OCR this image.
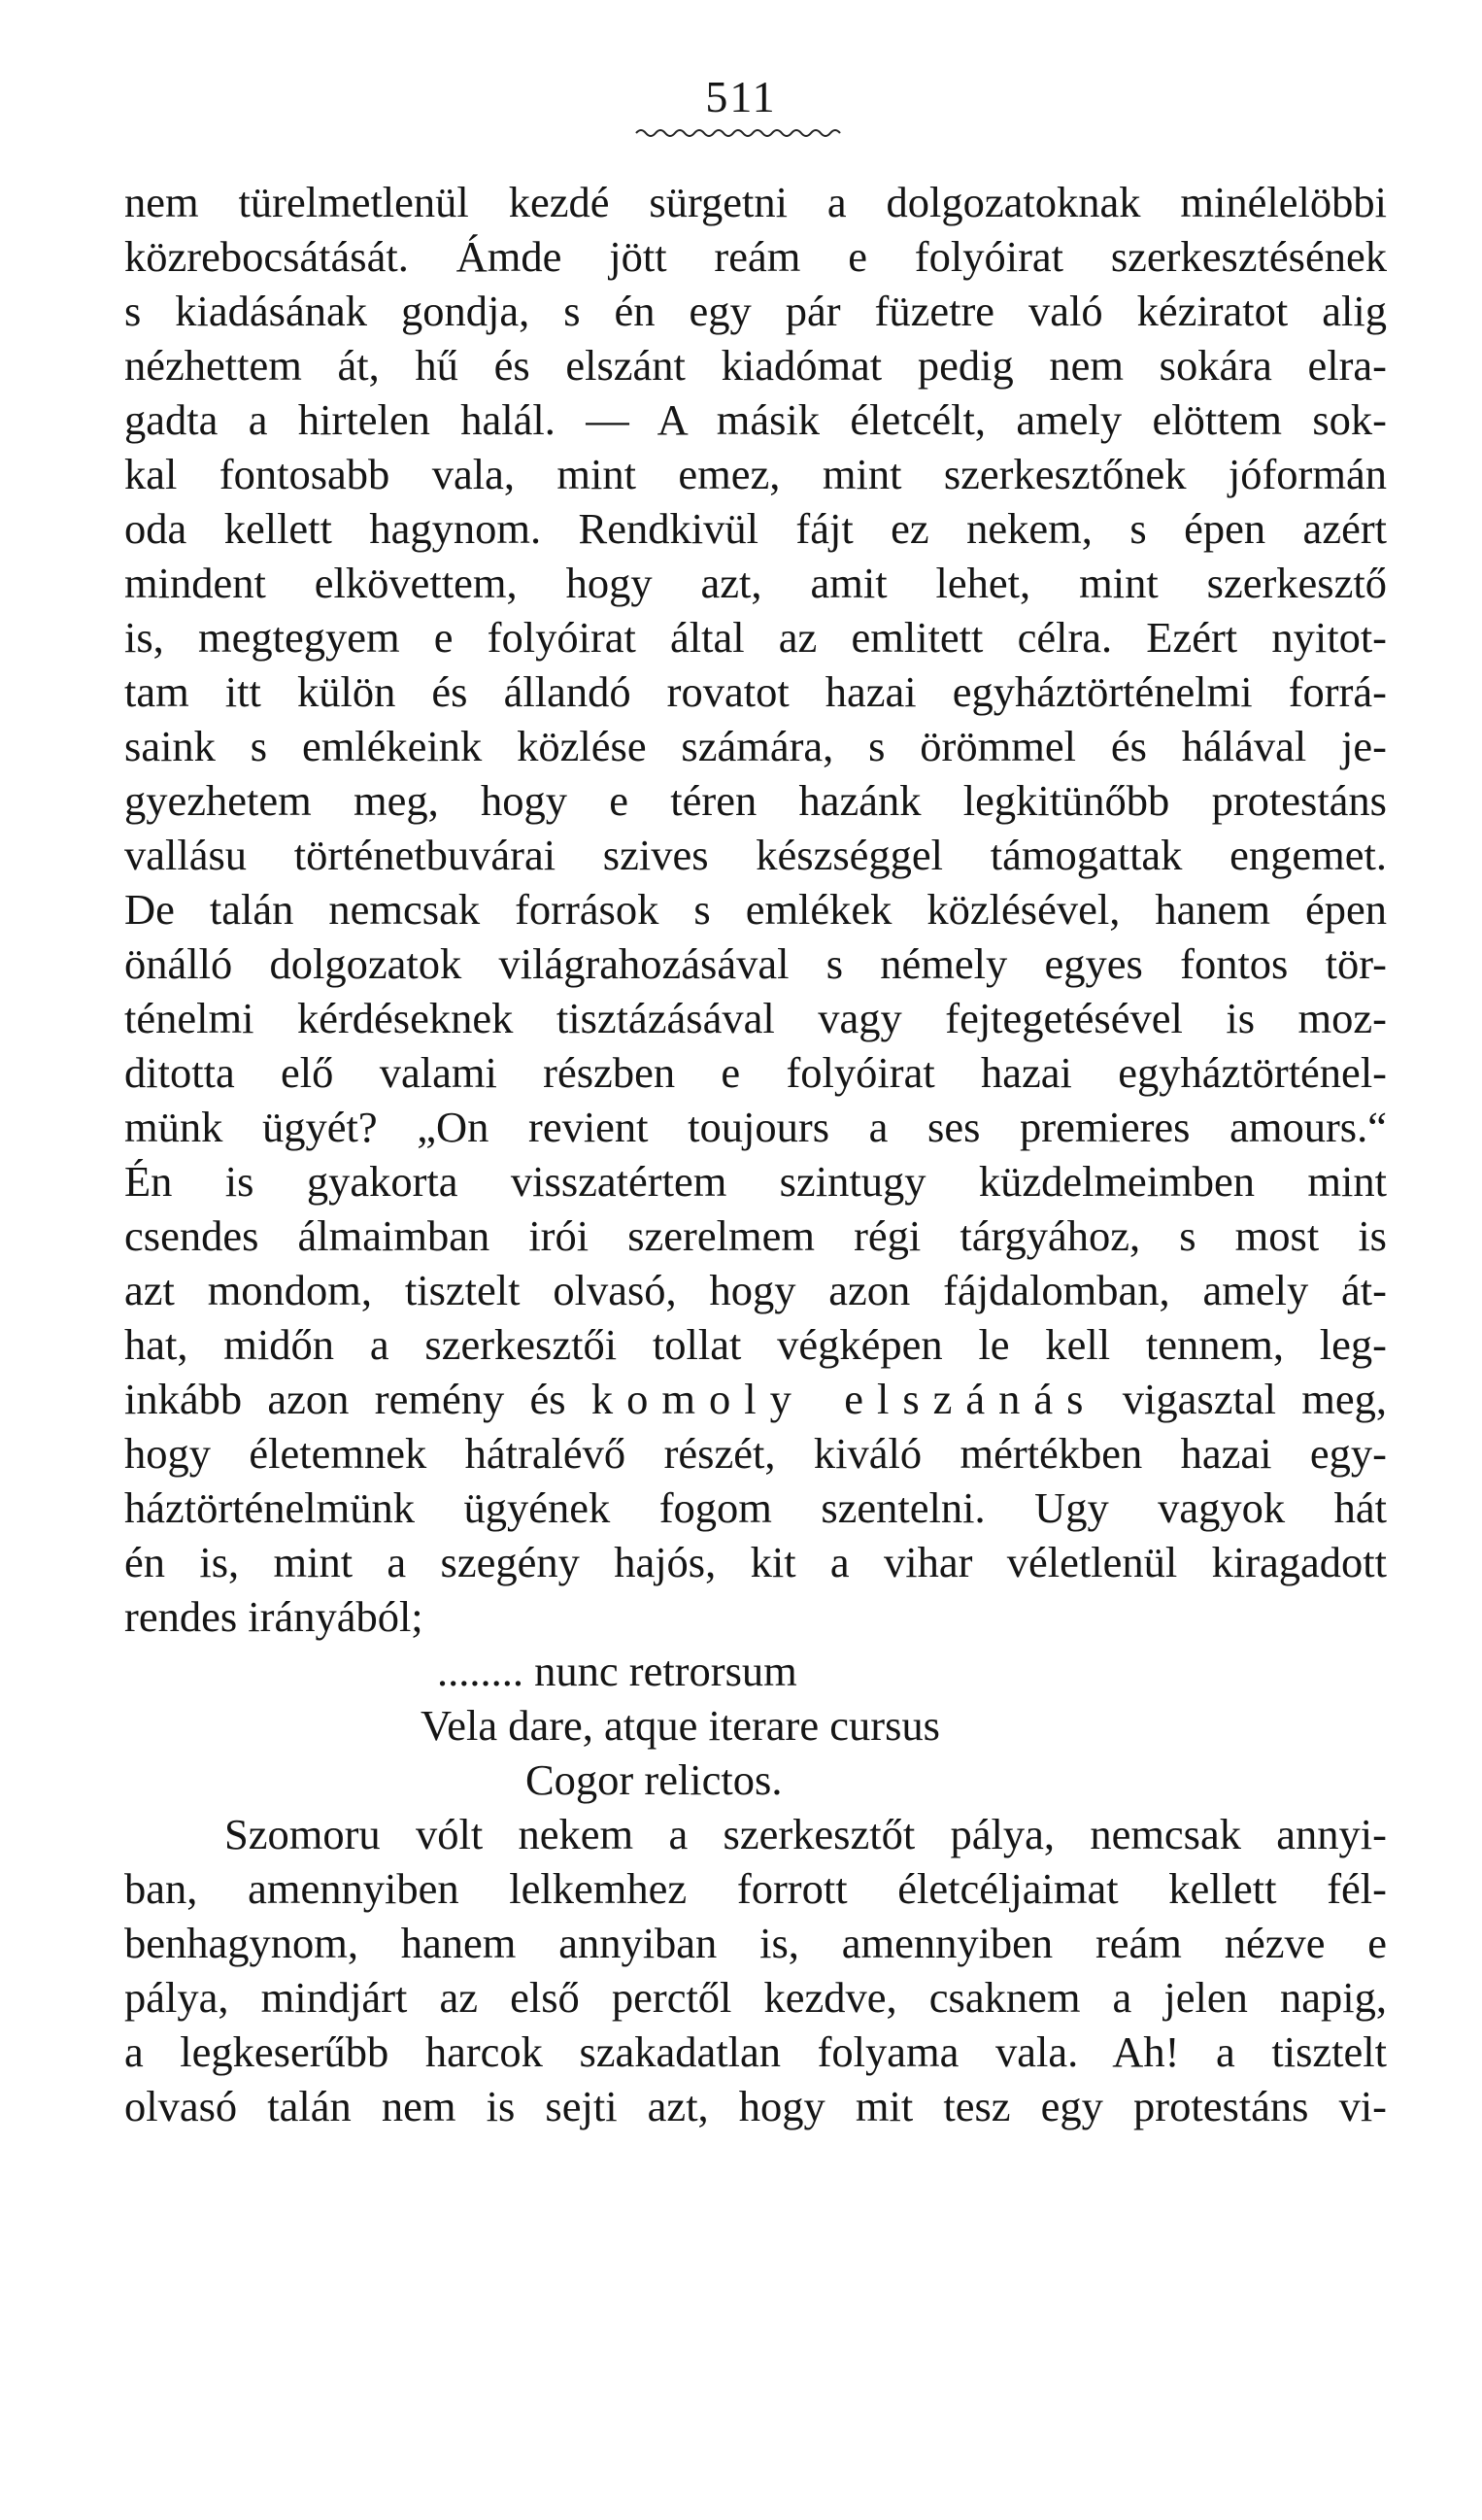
511
nem türelmetlenül kezdé sürgetni a dolgozatoknak minélelöbbi
közrebocsátását. Ámde jött reám e folyóirat szerkesztésének
s kiadásának gondja, s én egy pár füzetre való kéziratot alig
nézhettem át, hű és elszánt kiadómat pedig nem sokára elra-
gadta a hirtelen halál. — A másik életcélt, amely elöttem sok-
kal fontosabb vala, mint emez, mint szerkesztőnek jóformán
oda kellett hagynom. Rendkivül fájt ez nekem, s épen azért
mindent elkövettem, hogy azt, amit lehet, mint szerkesztő
is, megtegyem e folyóirat által az emlitett célra. Ezért nyitot-
tam itt külön és állandó rovatot hazai egyháztörténelmi forrá-
saink s emlékeink közlése számára, s örömmel és hálával je-
gyezhetem meg, hogy e téren hazánk legkitünőbb protestáns
vallásu történetbuvárai szives készséggel támogattak engemet.
De talán nemcsak források s emlékek közlésével, hanem épen
önálló dolgozatok világrahozásával s némely egyes fontos tör-
ténelmi kérdéseknek tisztázásával vagy fejtegetésével is moz-
ditotta elő valami részben e folyóirat hazai egyháztörténel-
münk ügyét? „On revient toujours a ses premieres amours.“
Én is gyakorta visszatértem szintugy küzdelmeimben mint
csendes álmaimban irói szerelmem régi tárgyához, s most is
azt mondom, tisztelt olvasó, hogy azon fájdalomban, amely át-
hat, midőn a szerkesztői tollat végképen le kell tennem, leg-
inkább azon remény és komoly elszánás vigasztal meg,
hogy életemnek hátralévő részét, kiváló mértékben hazai egy-
háztörténelmünk ügyének fogom szentelni. Ugy vagyok hát
én is, mint a szegény hajós, kit a vihar véletlenül kiragadott
rendes irányából;
........ nunc retrorsum
Vela dare, atque iterare cursus
Cogor relictos.
Szomoru vólt nekem a szerkesztőt pálya, nemcsak annyi-
ban, amennyiben lelkemhez forrott életcéljaimat kellett fél-
benhagynom, hanem annyiban is, amennyiben reám nézve e
pálya, mindjárt az első perctől kezdve, csaknem a jelen napig,
a legkeserűbb harcok szakadatlan folyama vala. Ah! a tisztelt
olvasó talán nem is sejti azt, hogy mit tesz egy protestáns vi-
